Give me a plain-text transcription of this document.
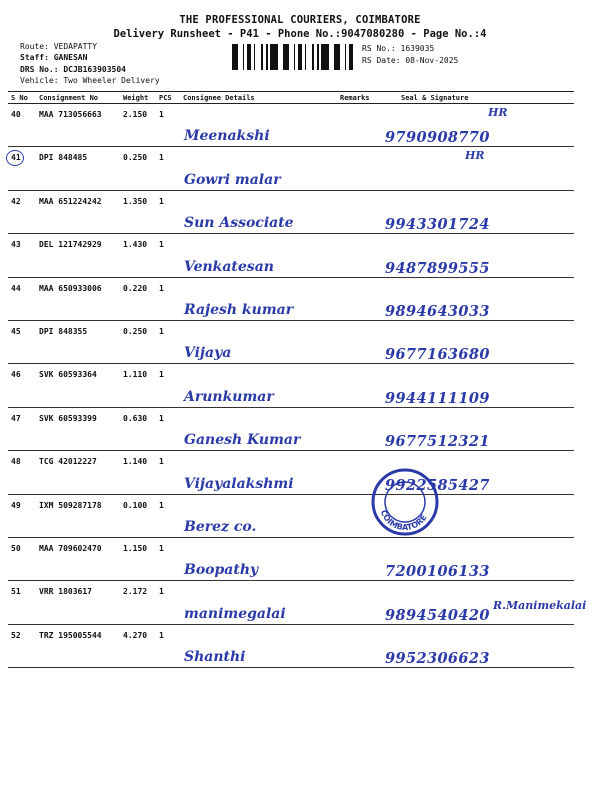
THE PROFESSIONAL COURIERS, COIMBATORE
Delivery Runsheet - P41 - Phone No.:9047080280 - Page No.:4
Route: VEDAPATTY
Staff: GANESAN
DRS No.: DCJB163903504
Vehicle: Two Wheeler Delivery
RS No.: 1639035
RS Date: 08-Nov-2025
S No	Consignment No	Weight	PCS	Consignee Details	Remarks	Seal & Signature
40	MAA 713056663	2.150	1	Meenakshi		9790908770
HR

41	DPI 848485	0.250	1	Gowri malar		HR

42	MAA 651224242	1.350	1	Sun Associate		9943301724

43	DEL 121742929	1.430	1	Venkatesan		9487899555

44	MAA 650933006	0.220	1	Rajesh kumar		9894643033

45	DPI 848355	0.250	1	Vijaya		9677163680

46	SVK 60593364	1.110	1	Arunkumar		9944111109

47	SVK 60593399	0.630	1	Ganesh Kumar		9677512321

48	TCG 42012227	1.140	1	Vijayalakshmi		9922585427

49	IXM 509287178	0.100	1	Berez co.		

50	MAA 709602470	1.150	1	Boopathy		7200106133

51	VRR 1803617	2.172	1	manimegalai		9894540420
R.Manimekalai

52	TRZ 195005544	4.270	1	Shanthi		9952306623
COIMBATORE
